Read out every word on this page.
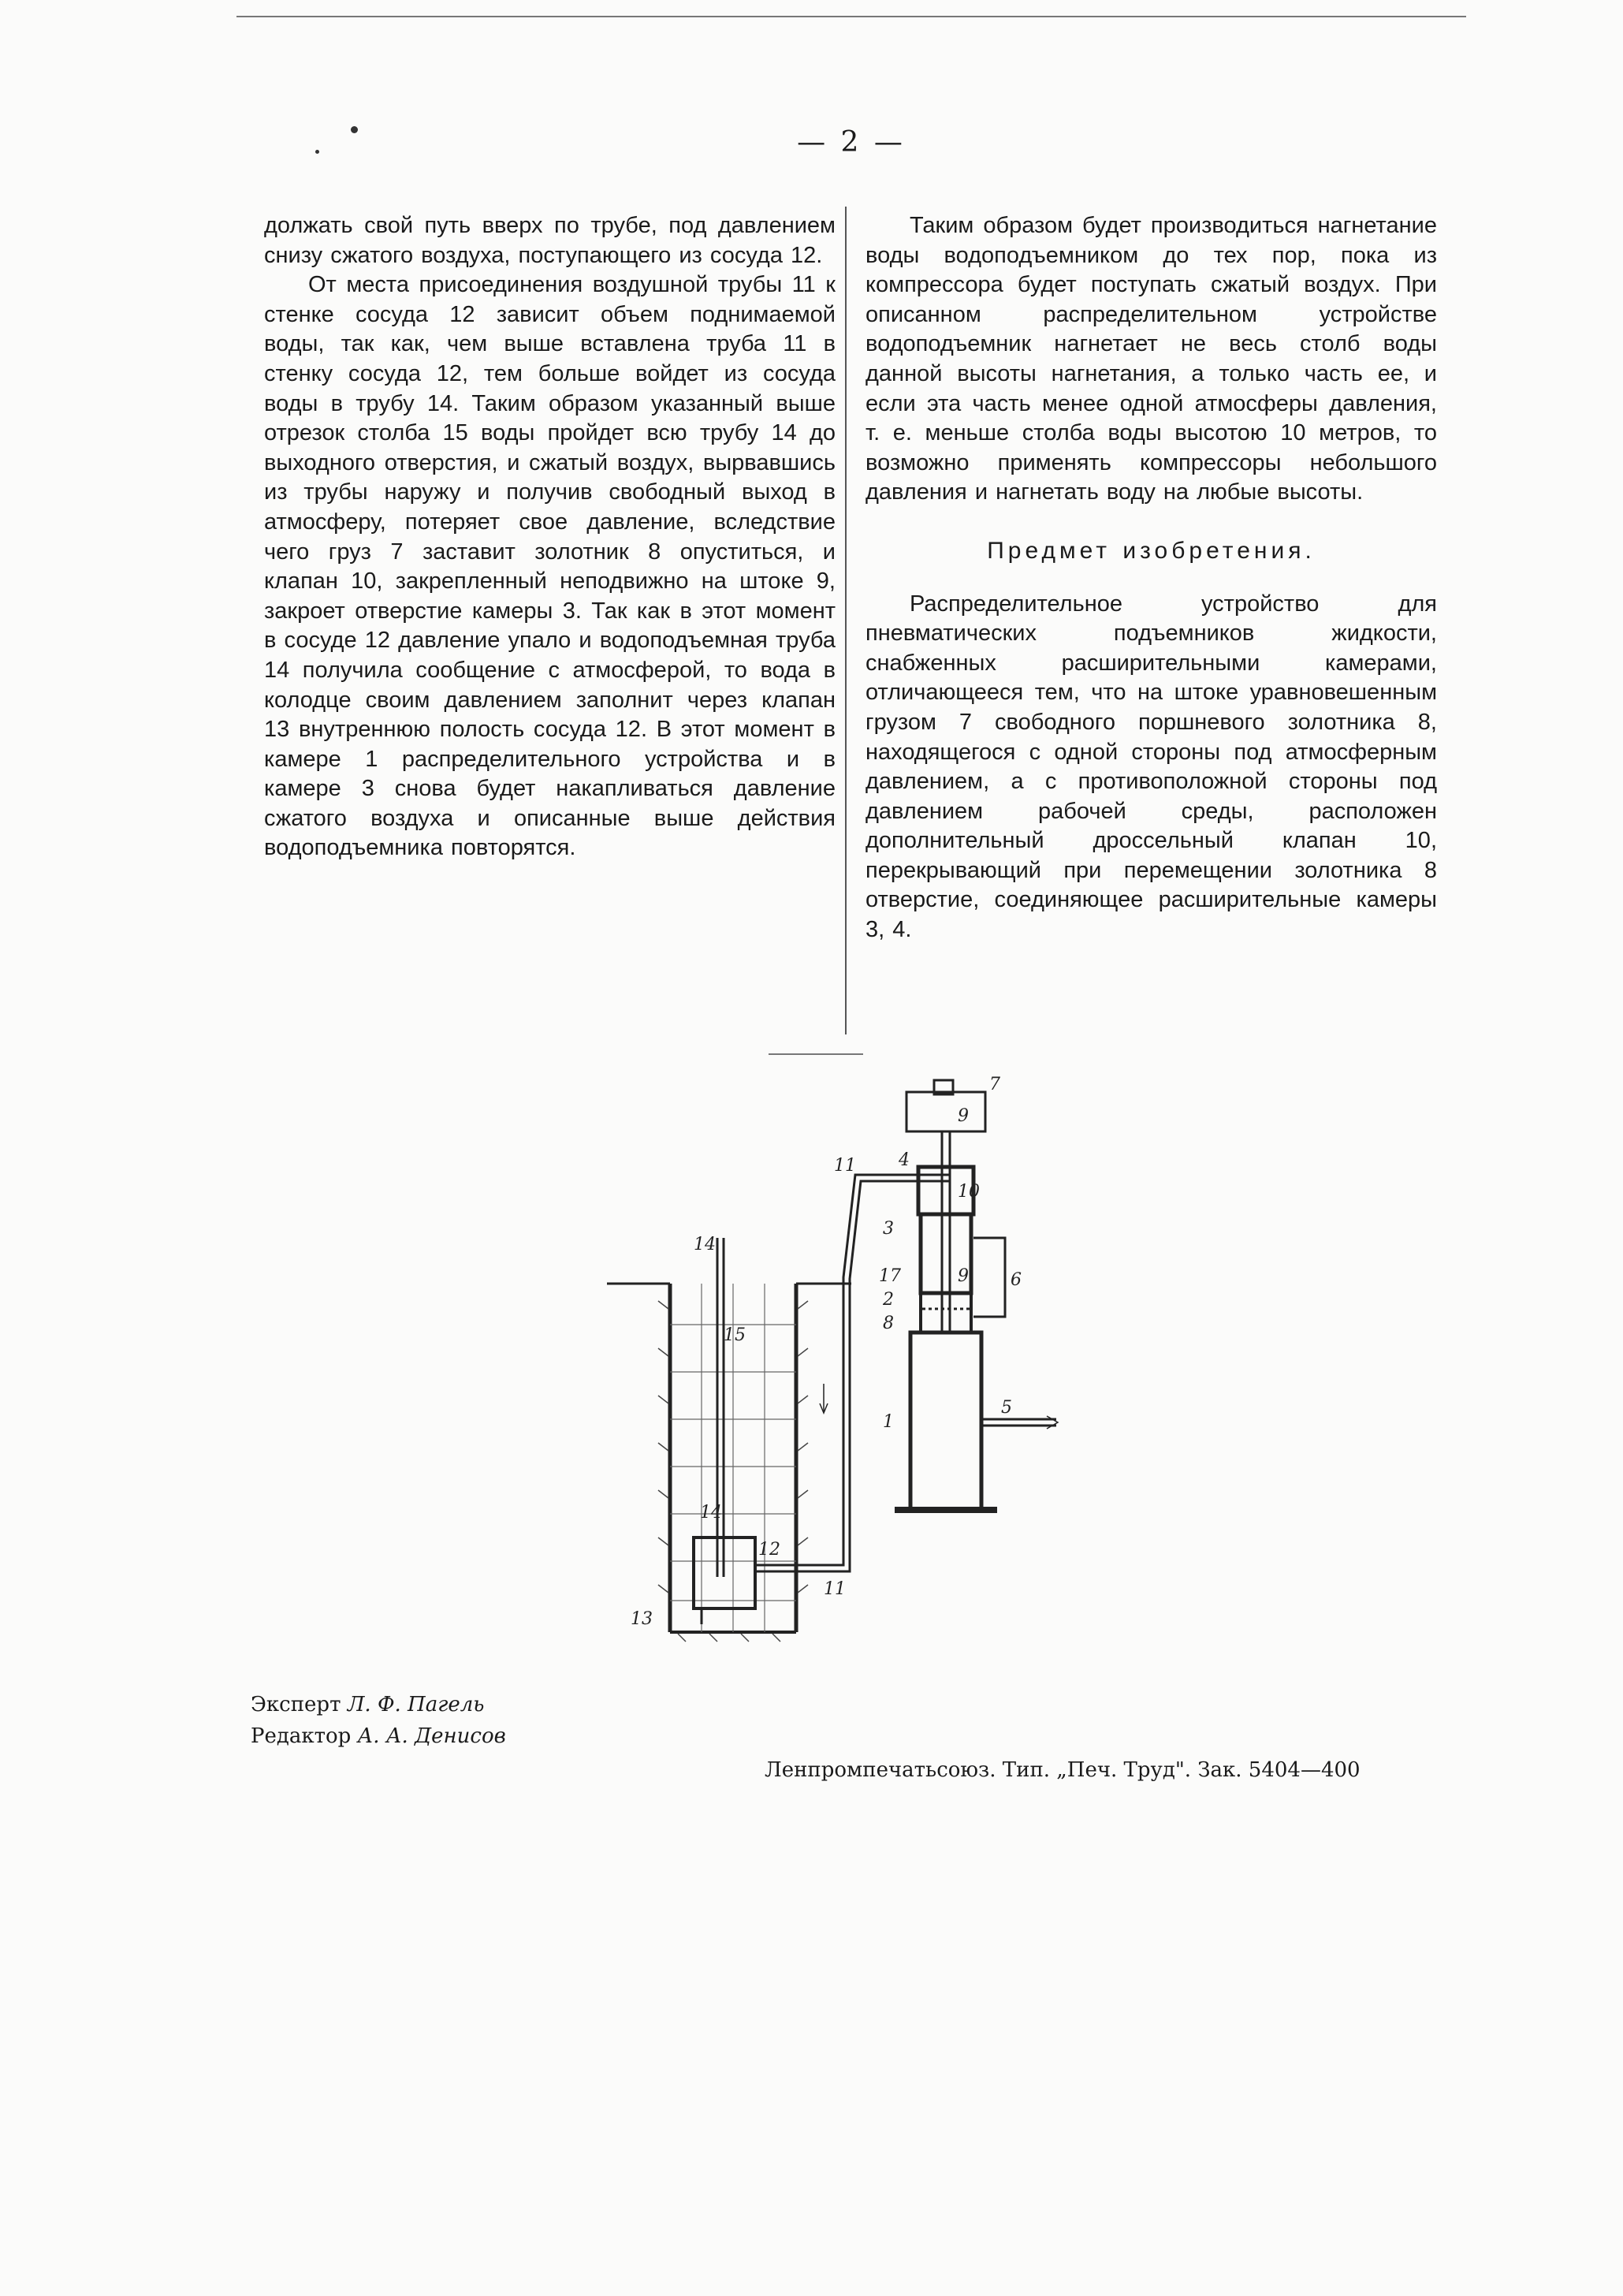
— 2 —

должать свой путь вверх по трубе, под давлением снизу сжатого воздуха, поступающего из сосуда 12.

От места присоединения воздушной трубы 11 к стенке сосуда 12 зависит объем поднимаемой воды, так как, чем выше вставлена труба 11 в стенку сосуда 12, тем больше войдет из сосуда воды в трубу 14. Таким образом указанный выше отрезок столба 15 воды пройдет всю трубу 14 до выходного отверстия, и сжатый воздух, вырвавшись из трубы наружу и получив свободный выход в атмосферу, потеряет свое давление, вследствие чего груз 7 заставит золотник 8 опуститься, и клапан 10, закрепленный неподвижно на штоке 9, закроет отверстие камеры 3. Так как в этот момент в сосуде 12 давление упало и водоподъемная труба 14 получила сообщение с атмосферой, то вода в колодце своим давлением заполнит через клапан 13 внутреннюю полость сосуда 12. В этот момент в камере 1 распределительного устройства и в камере 3 снова будет накапливаться давление сжатого воздуха и описанные выше действия водоподъемника повторятся.

Таким образом будет производиться нагнетание воды водоподъемником до тех пор, пока из компрессора будет поступать сжатый воздух. При описанном распределительном устройстве водоподъемник нагнетает не весь столб воды данной высоты нагнетания, а только часть ее, и если эта часть менее одной атмосферы давления, т. е. меньше столба воды высотою 10 метров, то возможно применять компрессоры небольшого давления и нагнетать воду на любые высоты.

Предмет изобретения.

Распределительное устройство для пневматических подъемников жидкости, снабженных расширительными камерами, отличающееся тем, что на штоке уравновешенным грузом 7 свободного поршневого золотника 8, находящегося с одной стороны под атмосферным давлением, а с противоположной стороны под давлением рабочей среды, расположен дополнительный дроссельный клапан 10, перекрывающий при перемещении золотника 8 отверстие, соединяющее расширительные камеры 3, 4.

7
9
4
10
11
3
17	9 6
2
8
5
1
14
15
14
12
11
13
Эксперт Л. Ф. Пагель
Редактор А. А. Денисов
Ленпромпечатьсоюз. Тип. „Печ. Труд". Зак. 5404—400
